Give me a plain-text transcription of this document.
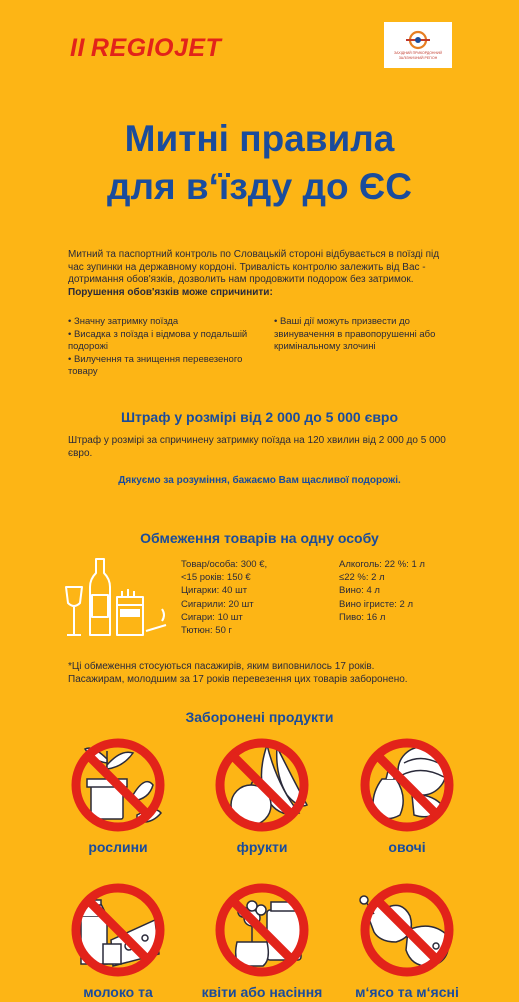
II REGIOJET	ЗАХІДНИЙ ПРИКОРДОННИЙ ЗАЛІЗНИЧНИЙ РЕГІОН
Митні правила
для в‘їзду до ЄС
Митний та паспортний контроль по Словацькій стороні відбувається в поїзді під час зупинки на державному кордоні. Тривалість контролю залежить від Вас - дотримання обов'язків, дозволить нам продовжити подорож без затримок. Порушення обов'язків може спричинити:
• Значну затримку поїзда
• Висадка з поїзда і відмова у подальшій подорожі
• Вилучення та знищення перевезеного товару
• Ваші дії можуть призвести до звинувачення в правопорушенні або кримінальному злочині
Штраф у розмірі від 2 000 до 5 000 євро
Штраф у розмірі за спричинену затримку поїзда на 120 хвилин від 2 000 до 5 000 євро.
Дякуємо за розуміння, бажаємо Вам щасливої подорожі.
Обмеження товарів на одну особу
Товар/особа: 300 €,
<15 років: 150 €
Цигарки: 40 шт
Сигарили: 20 шт
Сигари: 10 шт
Тютюн: 50 г
Алкоголь: 22 %: 1 л
≤22 %: 2 л
Вино: 4 л
Вино ігристе: 2 л
Пиво: 16 л
*Ці обмеження стосуються пасажирів, яким виповнилось 17 років.
Пасажирам, молодшим за 17 років перевезення цих товарів заборонено.
Заборонені продукти
рослини	фрукти	овочі
молоко та	квіти або насіння	м‘ясо та м‘ясні
